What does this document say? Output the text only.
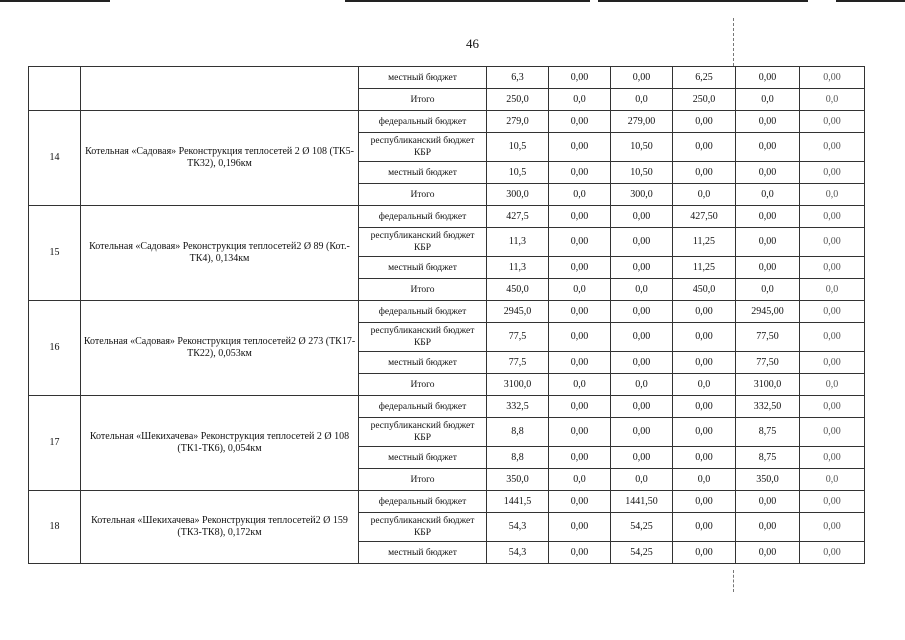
46
		местный бюджет	6,3	0,00	0,00	6,25	0,00	0,00
		Итого	250,0	0,0	0,0	250,0	0,0	0,0
14	Котельная «Садовая» Реконструкция теплосетей 2 Ø 108 (ТК5-ТК32), 0,196км	федеральный бюджет	279,0	0,00	279,00	0,00	0,00	0,00
		республиканский бюджет КБР	10,5	0,00	10,50	0,00	0,00	0,00
		местный бюджет	10,5	0,00	10,50	0,00	0,00	0,00
		Итого	300,0	0,0	300,0	0,0	0,0	0,0
15	Котельная «Садовая» Реконструкция теплосетей2 Ø 89 (Кот.-ТК4), 0,134км	федеральный бюджет	427,5	0,00	0,00	427,50	0,00	0,00
		республиканский бюджет КБР	11,3	0,00	0,00	11,25	0,00	0,00
		местный бюджет	11,3	0,00	0,00	11,25	0,00	0,00
		Итого	450,0	0,0	0,0	450,0	0,0	0,0
16	Котельная «Садовая» Реконструкция теплосетей2 Ø 273 (ТК17-ТК22), 0,053км	федеральный бюджет	2945,0	0,00	0,00	0,00	2945,00	0,00
		республиканский бюджет КБР	77,5	0,00	0,00	0,00	77,50	0,00
		местный бюджет	77,5	0,00	0,00	0,00	77,50	0,00
		Итого	3100,0	0,0	0,0	0,0	3100,0	0,0
17	Котельная «Шекихачева» Реконструкция теплосетей 2 Ø 108 (ТК1-ТК6), 0,054км	федеральный бюджет	332,5	0,00	0,00	0,00	332,50	0,00
		республиканский бюджет КБР	8,8	0,00	0,00	0,00	8,75	0,00
		местный бюджет	8,8	0,00	0,00	0,00	8,75	0,00
		Итого	350,0	0,0	0,0	0,0	350,0	0,0
18	Котельная «Шекихачева» Реконструкция теплосетей2 Ø 159 (ТК3-ТК8), 0,172км	федеральный бюджет	1441,5	0,00	1441,50	0,00	0,00	0,00
		республиканский бюджет КБР	54,3	0,00	54,25	0,00	0,00	0,00
		местный бюджет	54,3	0,00	54,25	0,00	0,00	0,00
